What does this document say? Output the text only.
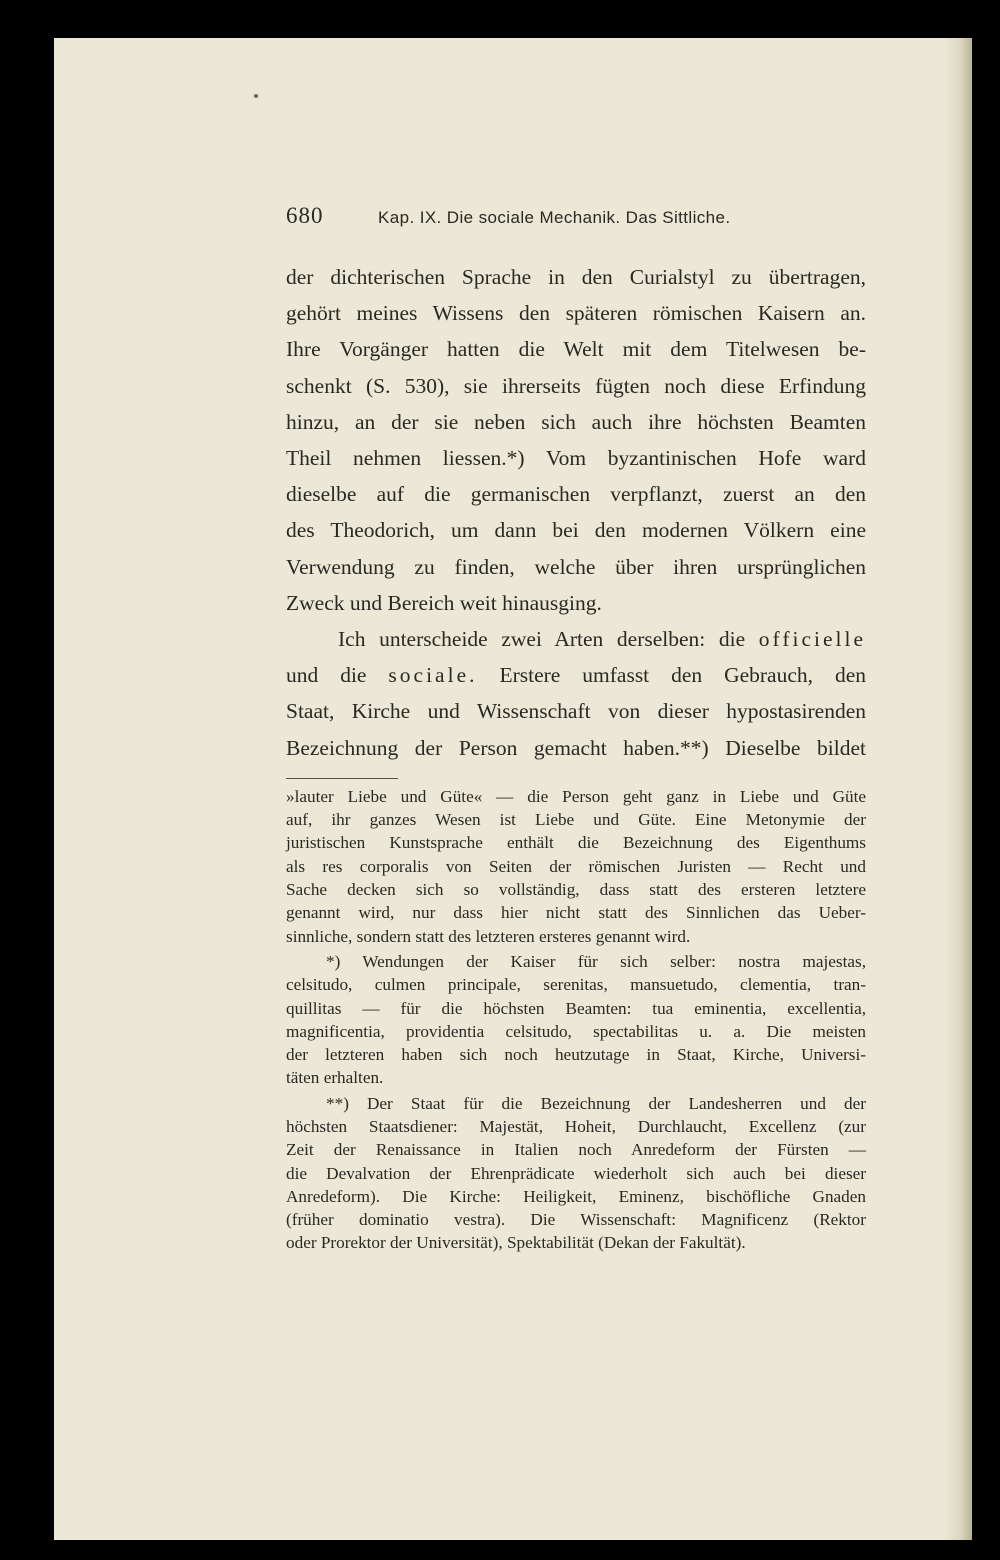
680	Kap. IX. Die sociale Mechanik. Das Sittliche.
der dichterischen Sprache in den Curialstyl zu übertragen,
gehört meines Wissens den späteren römischen Kaisern an.
Ihre Vorgänger hatten die Welt mit dem Titelwesen be-
schenkt (S. 530), sie ihrerseits fügten noch diese Erfindung
hinzu, an der sie neben sich auch ihre höchsten Beamten
Theil nehmen liessen.*) Vom byzantinischen Hofe ward
dieselbe auf die germanischen verpflanzt, zuerst an den
des Theodorich, um dann bei den modernen Völkern eine
Verwendung zu finden, welche über ihren ursprünglichen
Zweck und Bereich weit hinausging.
Ich unterscheide zwei Arten derselben: die officielle
und die sociale. Erstere umfasst den Gebrauch, den
Staat, Kirche und Wissenschaft von dieser hypostasirenden
Bezeichnung der Person gemacht haben.**) Dieselbe bildet
»lauter Liebe und Güte« — die Person geht ganz in Liebe und Güte
auf, ihr ganzes Wesen ist Liebe und Güte. Eine Metonymie der
juristischen Kunstsprache enthält die Bezeichnung des Eigenthums
als res corporalis von Seiten der römischen Juristen — Recht und
Sache decken sich so vollständig, dass statt des ersteren letztere
genannt wird, nur dass hier nicht statt des Sinnlichen das Ueber-
sinnliche, sondern statt des letzteren ersteres genannt wird.
*) Wendungen der Kaiser für sich selber: nostra majestas,
celsitudo, culmen principale, serenitas, mansuetudo, clementia, tran-
quillitas — für die höchsten Beamten: tua eminentia, excellentia,
magnificentia, providentia celsitudo, spectabilitas u. a. Die meisten
der letzteren haben sich noch heutzutage in Staat, Kirche, Universi-
täten erhalten.
**) Der Staat für die Bezeichnung der Landesherren und der
höchsten Staatsdiener: Majestät, Hoheit, Durchlaucht, Excellenz (zur
Zeit der Renaissance in Italien noch Anredeform der Fürsten —
die Devalvation der Ehrenprädicate wiederholt sich auch bei dieser
Anredeform). Die Kirche: Heiligkeit, Eminenz, bischöfliche Gnaden
(früher dominatio vestra). Die Wissenschaft: Magnificenz (Rektor
oder Prorektor der Universität), Spektabilität (Dekan der Fakultät).
